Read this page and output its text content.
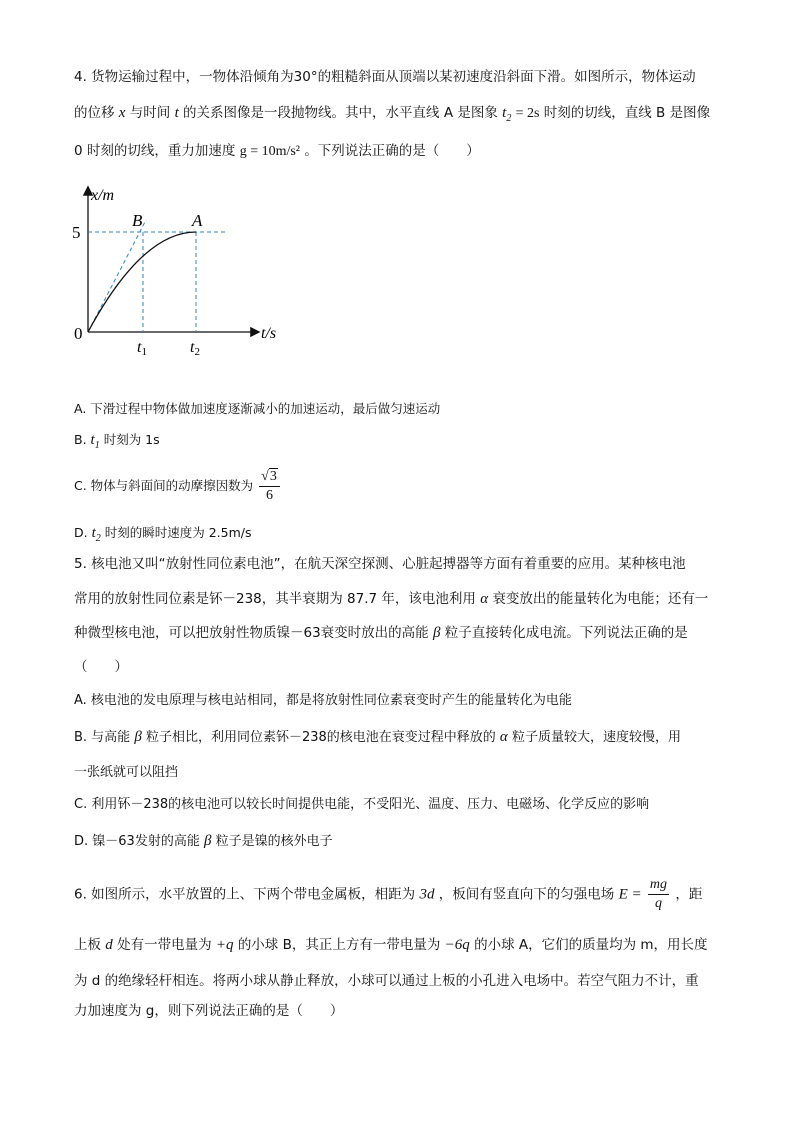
4. 货物运输过程中，一物体沿倾角为30°的粗糙斜面从顶端以某初速度沿斜面下滑。如图所示，物体运动
的位移 x 与时间 t 的关系图像是一段抛物线。其中，水平直线 A 是图象 $t_2 = 2s$ 时刻的切线，直线 B 是图像
0 时刻的切线，重力加速度 g = 10m/s² 。下列说法正确的是（　　）
x/m
t/s
5
0
B	A
t1	t2
A. 下滑过程中物体做加速度逐渐减小的加速运动，最后做匀速运动
B. $t_1$ 时刻为 1s
C. 物体与斜面间的动摩擦因数为 $\frac{√3}{6}$
D. $t_2$ 时刻的瞬时速度为 2.5m/s
5. 核电池又叫“放射性同位素电池”，在航天深空探测、心脏起搏器等方面有着重要的应用。某种核电池
常用的放射性同位素是钚－238，其半衰期为 87.7 年，该电池利用 α 衰变放出的能量转化为电能；还有一
种微型核电池，可以把放射性物质镍－63衰变时放出的高能 β 粒子直接转化成电流。下列说法正确的是
（　　）
A. 核电池的发电原理与核电站相同，都是将放射性同位素衰变时产生的能量转化为电能
B. 与高能 β 粒子相比，利用同位素钚－238的核电池在衰变过程中释放的 α 粒子质量较大，速度较慢，用
一张纸就可以阻挡
C. 利用钚－238的核电池可以较长时间提供电能，不受阳光、温度、压力、电磁场、化学反应的影响
D. 镍－63发射的高能 β 粒子是镍的核外电子
6. 如图所示，水平放置的上、下两个带电金属板，相距为 3d ，板间有竖直向下的匀强电场 $E = \frac{mg}{q}$ ，距
上板 d 处有一带电量为 +q 的小球 B，其正上方有一带电量为 −6q 的小球 A，它们的质量均为 m，用长度
为 d 的绝缘轻杆相连。将两小球从静止释放，小球可以通过上板的小孔进入电场中。若空气阻力不计，重
力加速度为 g，则下列说法正确的是（　　）
